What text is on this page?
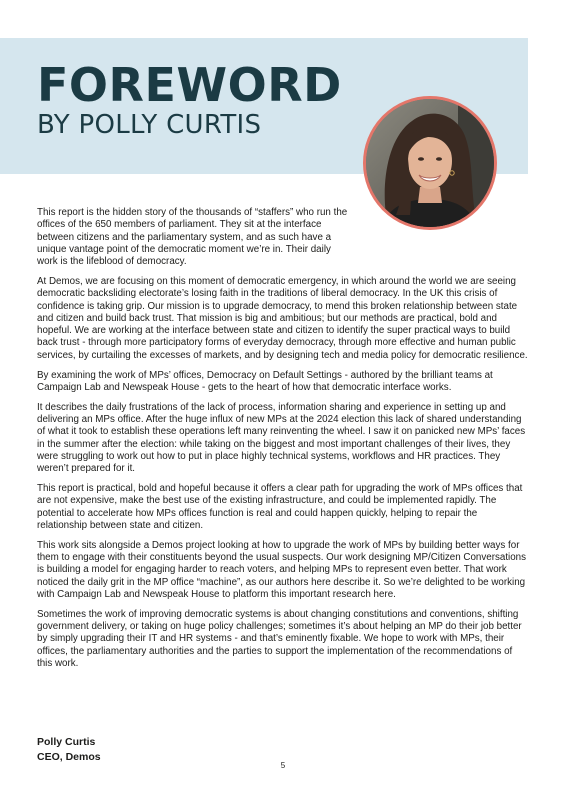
FOREWORD
BY POLLY CURTIS

This report is the hidden story of the thousands of “staffers” who run the offices of the 650 members of parliament. They sit at the interface between citizens and the parliamentary system, and as such have a unique vantage point of the democratic moment we’re in. Their daily work is the lifeblood of democracy.

At Demos, we are focusing on this moment of democratic emergency, in which around the world we are seeing democratic backsliding electorate’s losing faith in the traditions of liberal democracy. In the UK this crisis of confidence is taking grip. Our mission is to upgrade democracy, to mend this broken relationship between state and citizen and build back trust. That mission is big and ambitious; but our methods are practical, bold and hopeful. We are working at the interface between state and citizen to identify the super practical ways to build back trust - through more participatory forms of everyday democracy, through more effective and human public services, by curtailing the excesses of markets, and by designing tech and media policy for democratic resilience.

By examining the work of MPs’ offices, Democracy on Default Settings - authored by the brilliant teams at Campaign Lab and Newspeak House - gets to the heart of how that democratic interface works.

It describes the daily frustrations of the lack of process, information sharing and experience in setting up and delivering an MPs office. After the huge influx of new MPs at the 2024 election this lack of shared understanding of what it took to establish these operations left many reinventing the wheel. I saw it on panicked new MPs’ faces in the summer after the election: while taking on the biggest and most important challenges of their lives, they were struggling to work out how to put in place highly technical systems, workflows and HR practices. They weren’t prepared for it.

This report is practical, bold and hopeful because it offers a clear path for upgrading the work of MPs offices that are not expensive, make the best use of the existing infrastructure, and could be implemented rapidly. The potential to accelerate how MPs offices function is real and could happen quickly, helping to repair the relationship between state and citizen.

This work sits alongside a Demos project looking at how to upgrade the work of MPs by building better ways for them to engage with their constituents beyond the usual suspects. Our work designing MP/Citizen Conversations is building a model for engaging harder to reach voters, and helping MPs to represent even better. That work noticed the daily grit in the MP office “machine”, as our authors here describe it. So we’re delighted to be working with Campaign Lab and Newspeak House to platform this important research here.

Sometimes the work of improving democratic systems is about changing constitutions and conventions, shifting government delivery, or taking on huge policy challenges; sometimes it’s about helping an MP do their job better by simply upgrading their IT and HR systems - and that’s eminently fixable. We hope to work with MPs, their offices, the parliamentary authorities and the parties to support the implementation of the recommendations of this work.

Polly Curtis
CEO, Demos
5
